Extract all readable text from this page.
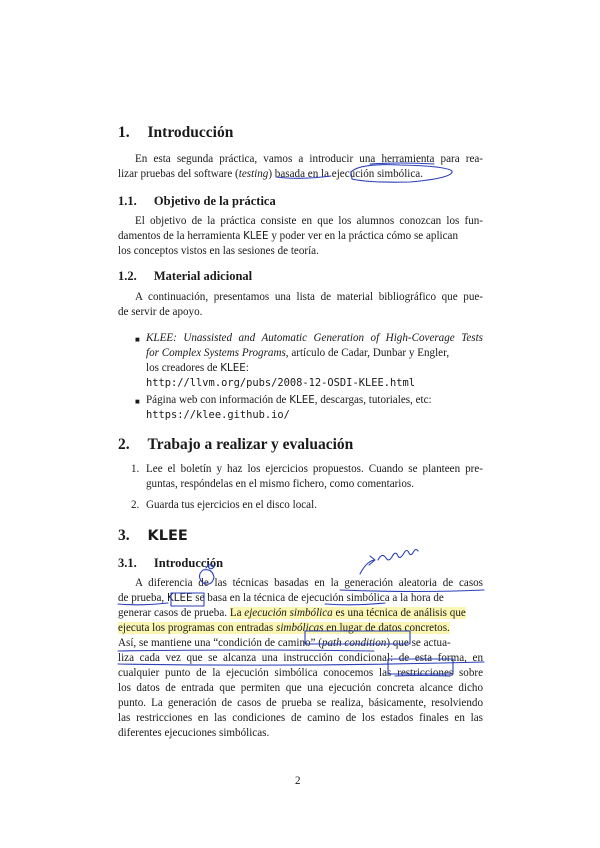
1. Introducción
En esta segunda práctica, vamos a introducir una herramienta para rea-
lizar pruebas del software (testing) basada en la ejecución simbólica.
1.1. Objetivo de la práctica
El objetivo de la práctica consiste en que los alumnos conozcan los fun-
damentos de la herramienta KLEE y poder ver en la práctica cómo se aplican
los conceptos vistos en las sesiones de teoría.
1.2. Material adicional
A continuación, presentamos una lista de material bibliográfico que pue-
de servir de apoyo.
■ KLEE: Unassisted and Automatic Generation of High-Coverage Tests
for Complex Systems Programs, artículo de Cadar, Dunbar y Engler,
los creadores de KLEE:
http://llvm.org/pubs/2008-12-OSDI-KLEE.html
■ Página web con información de KLEE, descargas, tutoriales, etc:
https://klee.github.io/
2. Trabajo a realizar y evaluación
1. Lee el boletín y haz los ejercicios propuestos. Cuando se planteen pre-
guntas, respóndelas en el mismo fichero, como comentarios.
2. Guarda tus ejercicios en el disco local.
3. KLEE
3.1. Introducción
A diferencia de las técnicas basadas en la generación aleatoria de casos
de prueba, KLEE se basa en la técnica de ejecución simbólica a la hora de
generar casos de prueba. La ejecución simbólica es una técnica de análisis que
ejecuta los programas con entradas simbólicas en lugar de datos concretos.
Así, se mantiene una “condición de camino” (path condition) que se actua-
liza cada vez que se alcanza una instrucción condicional: de esta forma, en
cualquier punto de la ejecución simbólica conocemos las restricciones sobre
los datos de entrada que permiten que una ejecución concreta alcance dicho
punto. La generación de casos de prueba se realiza, básicamente, resolviendo
las restricciones en las condiciones de camino de los estados finales en las
diferentes ejecuciones simbólicas.
2
